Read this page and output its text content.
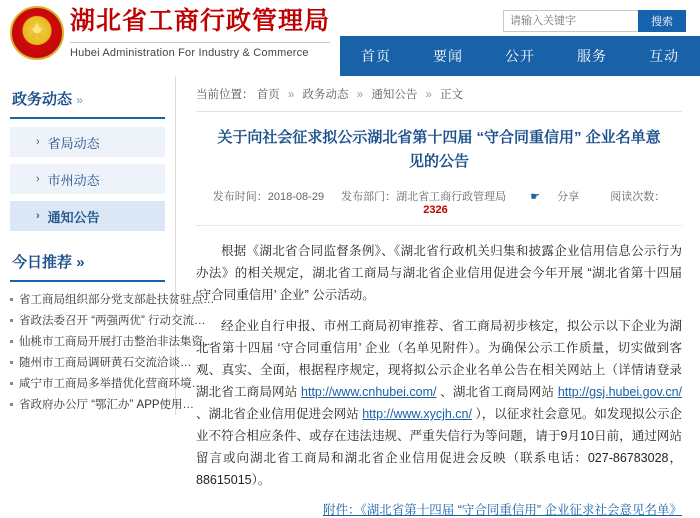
湖北省工商行政管理局
Hubei Administration For Industry & Commerce
请输入关键字
搜索
首页	要闻	公开	服务	互动
政务动态 »
› 省局动态
› 市州动态
› 通知公告
今日推荐 »
省工商局组织部分党支部赴扶贫驻点…
省政法委召开 “两强两优” 行动交流…
仙桃市工商局开展打击整治非法集资…
随州市工商局调研黄石交流洽谈…
咸宁市工商局多举措优化营商环境…
省政府办公厅 “鄂汇办” APP使用…
当前位置： 首页 » 政务动态 » 通知公告 » 正文
关于向社会征求拟公示湖北省第十四届 “守合同重信用” 企业名单意见的公告
发布时间：2018-08-29 发布部门：湖北省工商行政管理局 ☛ 分享	阅读次数：2326

根据《湖北省合同监督条例》、《湖北省行政机关归集和披露企业信用信息公示行为办法》的相关规定，湖北省工商局与湖北省企业信用促进会今年开展 “湖北省第十四届 ‘守合同重信用’ 企业” 公示活动。

经企业自行申报、市州工商局初审推荐、省工商局初步核定，拟公示以下企业为湖北省第十四届 ‘守合同重信用’ 企业（名单见附件）。为确保公示工作质量，切实做到客观、真实、全面，根据程序规定，现将拟公示企业名单公告在相关网站上（详情请登录湖北省工商局网站 http://www.cnhubei.com/ 、湖北省工商局网站 http://gsj.hubei.gov.cn/ 、湖北省企业信用促进会网站 http://www.xycjh.cn/ ），以征求社会意见。如发现拟公示企业不符合相应条件、或存在违法违规、严重失信行为等问题，请于9月10日前，通过网站留言或向湖北省工商局和湖北省企业信用促进会反映（联系电话：027-86783028，88615015）。

附件：《湖北省第十四届 “守合同重信用” 企业征求社会意见名单》
